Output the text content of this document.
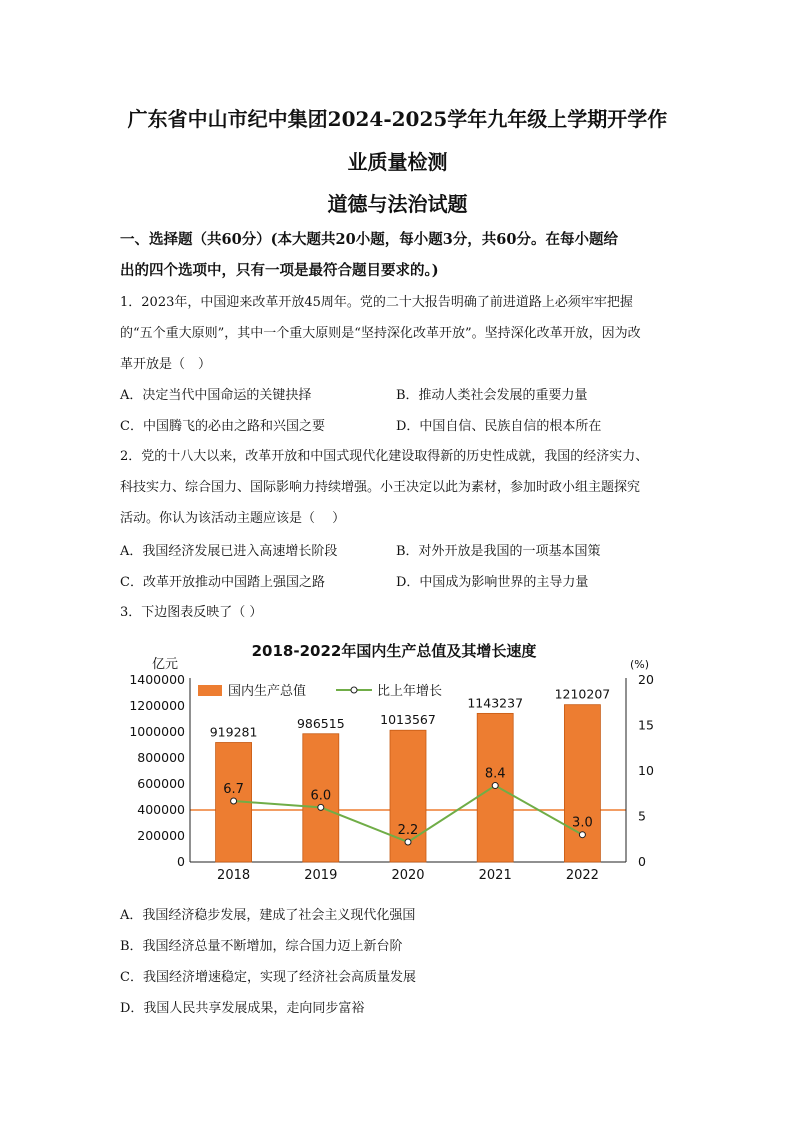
广东省中山市纪中集团2024-2025学年九年级上学期开学作
业质量检测
道德与法治试题
一、选择题（共60分）(本大题共20小题，每小题3分，共60分。在每小题给
出的四个选项中，只有一项是最符合题目要求的。)
1．2023年，中国迎来改革开放45周年。党的二十大报告明确了前进道路上必须牢牢把握
的“五个重大原则”，其中一个重大原则是“坚持深化改革开放”。坚持深化改革开放，因为改
革开放是（　）
A．决定当代中国命运的关键抉择	B．推动人类社会发展的重要力量
C．中国腾飞的必由之路和兴国之要	D．中国自信、民族自信的根本所在
2．党的十八大以来，改革开放和中国式现代化建设取得新的历史性成就，我国的经济实力、
科技实力、综合国力、国际影响力持续增强。小王决定以此为素材，参加时政小组主题探究
活动。你认为该活动主题应该是（　 ）
A．我国经济发展已进入高速增长阶段	B．对外开放是我国的一项基本国策
C．改革开放推动中国踏上强国之路	D．中国成为影响世界的主导力量
3．下边图表反映了（ ）
2018-2022年国内生产总值及其增长速度
亿元	(%)
0
200000
400000
600000
800000
1000000
1200000
1400000
0
5
10
15
20
919281
2018
986515
2019
1013567
2020
1143237
2021
1210207
2022
6.7	6.0
2.2
8.4
3.0
国内生产总值	比上年增长
A．我国经济稳步发展，建成了社会主义现代化强国
B．我国经济总量不断增加，综合国力迈上新台阶
C．我国经济增速稳定，实现了经济社会高质量发展
D．我国人民共享发展成果，走向同步富裕
